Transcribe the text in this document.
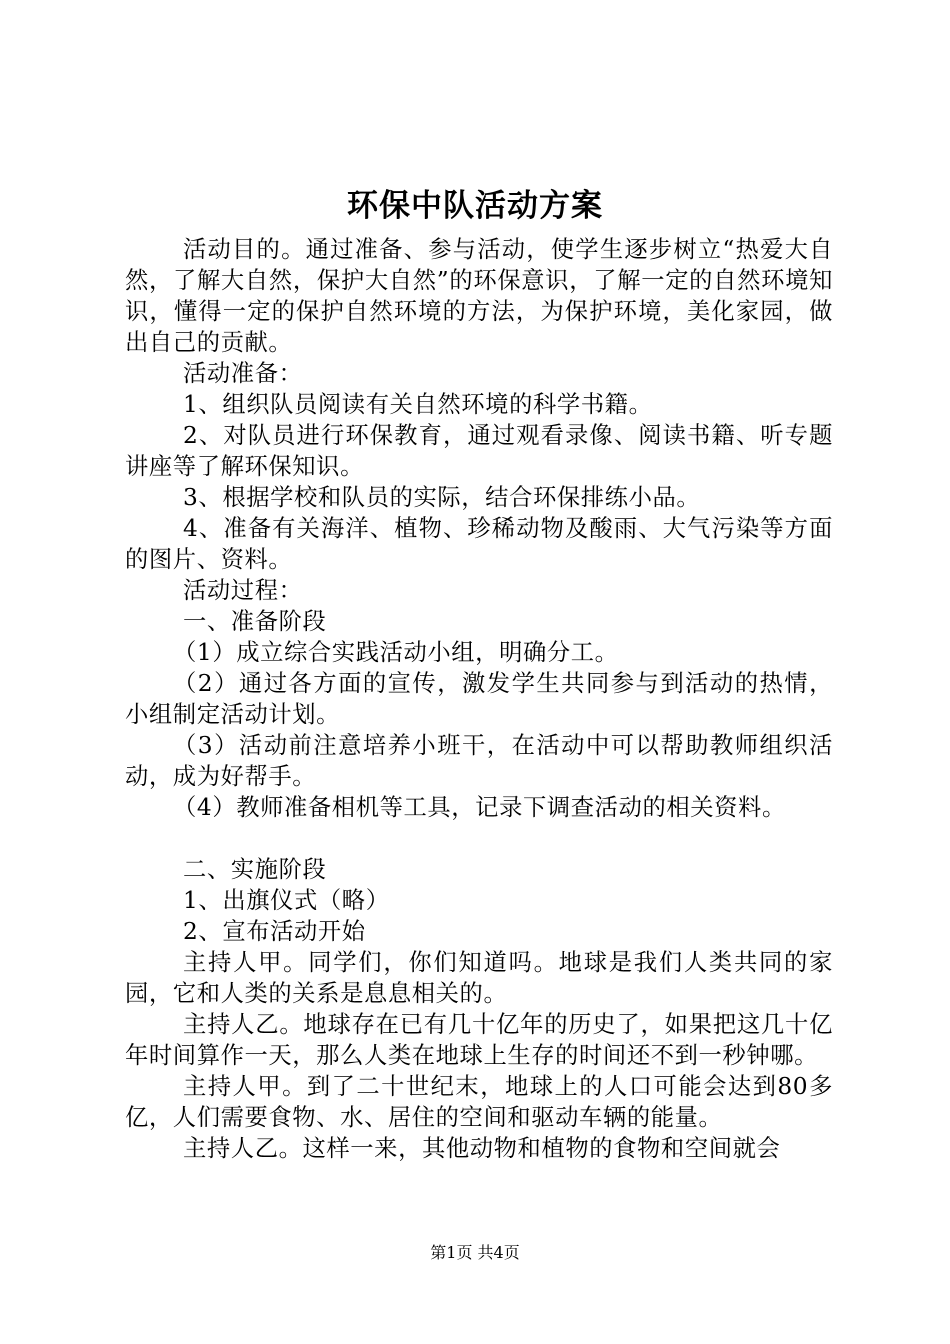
环保中队活动方案

活动目的。通过准备、参与活动，使学生逐步树立“热爱大自然，了解大自然，保护大自然”的环保意识，了解一定的自然环境知识，懂得一定的保护自然环境的方法，为保护环境，美化家园，做出自己的贡献。

活动准备：

1、组织队员阅读有关自然环境的科学书籍。

2、对队员进行环保教育，通过观看录像、阅读书籍、听专题讲座等了解环保知识。

3、根据学校和队员的实际，结合环保排练小品。

4、准备有关海洋、植物、珍稀动物及酸雨、大气污染等方面的图片、资料。

活动过程：

一、准备阶段

（1）成立综合实践活动小组，明确分工。

（2）通过各方面的宣传，激发学生共同参与到活动的热情，小组制定活动计划。

（3）活动前注意培养小班干，在活动中可以帮助教师组织活动，成为好帮手。

（4）教师准备相机等工具，记录下调查活动的相关资料。

二、实施阶段

1、出旗仪式（略）

2、宣布活动开始

主持人甲。同学们，你们知道吗。地球是我们人类共同的家园，它和人类的关系是息息相关的。

主持人乙。地球存在已有几十亿年的历史了，如果把这几十亿年时间算作一天，那么人类在地球上生存的时间还不到一秒钟哪。

主持人甲。到了二十世纪末，地球上的人口可能会达到80多亿，人们需要食物、水、居住的空间和驱动车辆的能量。

主持人乙。这样一来，其他动物和植物的食物和空间就会

第1页 共4页
